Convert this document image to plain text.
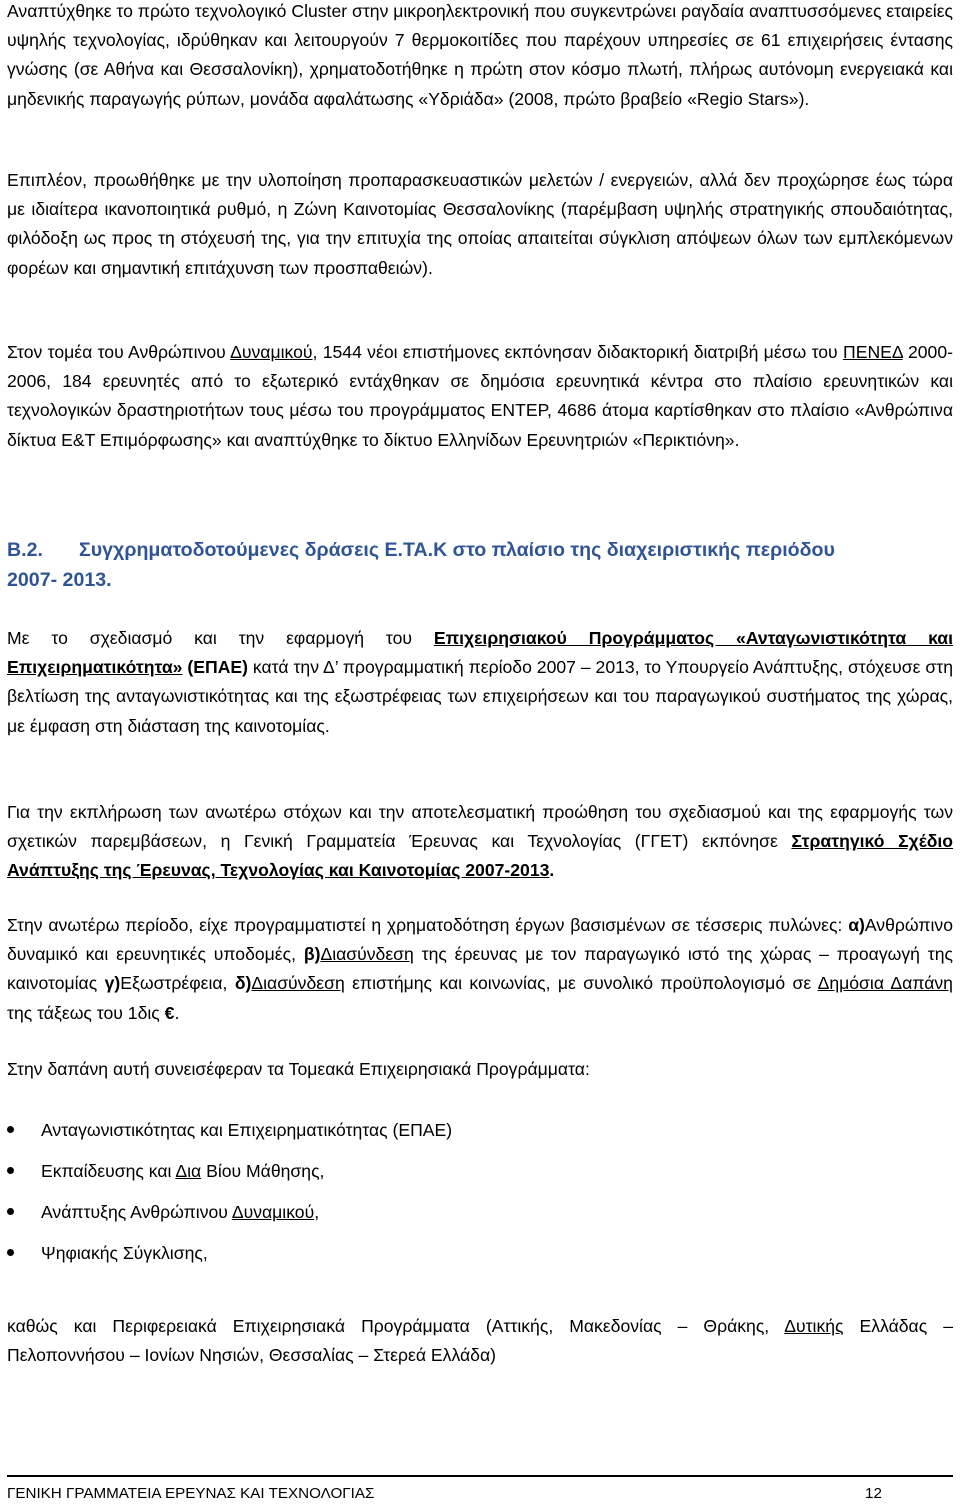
Αναπτύχθηκε το πρώτο τεχνολογικό Cluster στην μικροηλεκτρονική που συγκεντρώνει ραγδαία αναπτυσσόμενες εταιρείες υψηλής τεχνολογίας, ιδρύθηκαν και λειτουργούν 7 θερμοκοιτίδες που παρέχουν υπηρεσίες σε 61 επιχειρήσεις έντασης γνώσης (σε Αθήνα και Θεσσαλονίκη), χρηματοδοτήθηκε η πρώτη στον κόσμο πλωτή, πλήρως αυτόνομη ενεργειακά και μηδενικής παραγωγής ρύπων, μονάδα αφαλάτωσης «Υδριάδα» (2008, πρώτο βραβείο «Regio Stars»).

Επιπλέον, προωθήθηκε με την υλοποίηση προπαρασκευαστικών μελετών / ενεργειών, αλλά δεν προχώρησε έως τώρα με ιδιαίτερα ικανοποιητικά ρυθμό, η Ζώνη Καινοτομίας Θεσσαλονίκης (παρέμβαση υψηλής στρατηγικής σπουδαιότητας, φιλόδοξη ως προς τη στόχευσή της, για την επιτυχία της οποίας απαιτείται σύγκλιση απόψεων όλων των εμπλεκόμενων φορέων και σημαντική επιτάχυνση των προσπαθειών).

Στον τομέα του Ανθρώπινου Δυναμικού, 1544 νέοι επιστήμονες εκπόνησαν διδακτορική διατριβή μέσω του ΠΕΝΕΔ 2000-2006, 184 ερευνητές από το εξωτερικό εντάχθηκαν σε δημόσια ερευνητικά κέντρα στο πλαίσιο ερευνητικών και τεχνολογικών δραστηριοτήτων τους μέσω του προγράμματος ΕΝΤΕΡ, 4686 άτομα καρτίσθηκαν στο πλαίσιο «Ανθρώπινα δίκτυα Ε&Τ Επιμόρφωσης» και αναπτύχθηκε το δίκτυο Ελληνίδων Ερευνητριών «Περικτιόνη».

Β.2. Συγχρηματοδοτούμενες δράσεις Ε.ΤΑ.Κ στο πλαίσιο της διαχειριστικής περιόδου
2007- 2013.

Με το σχεδιασμό και την εφαρμογή του Επιχειρησιακού Προγράμματος «Ανταγωνιστικότητα και Επιχειρηματικότητα» (ΕΠΑΕ) κατά την Δ’ προγραμματική περίοδο 2007 – 2013, το Υπουργείο Ανάπτυξης, στόχευσε στη βελτίωση της ανταγωνιστικότητας και της εξωστρέφειας των επιχειρήσεων και του παραγωγικού συστήματος της χώρας, με έμφαση στη διάσταση της καινοτομίας.

Για την εκπλήρωση των ανωτέρω στόχων και την αποτελεσματική προώθηση του σχεδιασμού και της εφαρμογής των σχετικών παρεμβάσεων, η Γενική Γραμματεία Έρευνας και Τεχνολογίας (ΓΓΕΤ) εκπόνησε Στρατηγικό Σχέδιο Ανάπτυξης της Έρευνας, Τεχνολογίας και Καινοτομίας 2007-2013.

Στην ανωτέρω περίοδο, είχε προγραμματιστεί η χρηματοδότηση έργων βασισμένων σε τέσσερις πυλώνες: α)Ανθρώπινο δυναμικό και ερευνητικές υποδομές, β)Διασύνδεση της έρευνας με τον παραγωγικό ιστό της χώρας – προαγωγή της καινοτομίας γ)Εξωστρέφεια, δ)Διασύνδεση επιστήμης και κοινωνίας, με συνολικό προϋπολογισμό σε Δημόσια Δαπάνη της τάξεως του 1δις €.

Στην δαπάνη αυτή συνεισέφεραν τα Τομεακά Επιχειρησιακά Προγράμματα:

Ανταγωνιστικότητας και Επιχειρηματικότητας (ΕΠΑΕ)
Εκπαίδευσης και Δια Βίου Μάθησης,
Ανάπτυξης Ανθρώπινου Δυναμικού,
Ψηφιακής Σύγκλισης,

καθώς και Περιφερειακά Επιχειρησιακά Προγράμματα (Αττικής, Μακεδονίας – Θράκης, Δυτικής Ελλάδας – Πελοποννήσου – Ιονίων Νησιών, Θεσσαλίας – Στερεά Ελλάδα)

ΓΕΝΙΚΗ ΓΡΑΜΜΑΤΕΙΑ ΕΡΕΥΝΑΣ ΚΑΙ ΤΕΧΝΟΛΟΓΙΑΣ	12
